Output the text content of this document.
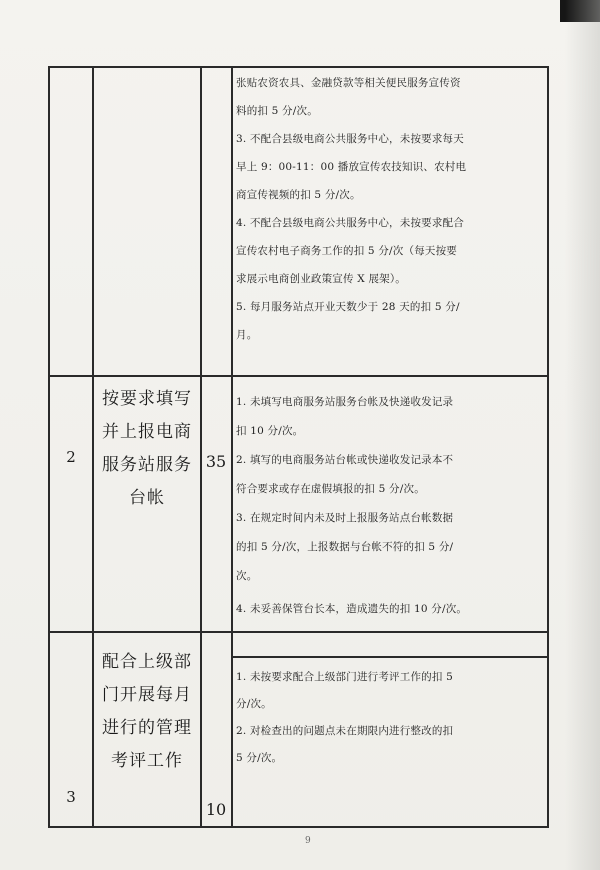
张贴农资农具、金融贷款等相关便民服务宣传资
料的扣 5 分/次。
3. 不配合县级电商公共服务中心，未按要求每天
早上 9：00-11：00 播放宣传农技知识、农村电
商宣传视频的扣 5 分/次。
4. 不配合县级电商公共服务中心，未按要求配合
宣传农村电子商务工作的扣 5 分/次（每天按要
求展示电商创业政策宣传 X 展架）。
5. 每月服务站点开业天数少于 28 天的扣 5 分/
月。
2
按要求填写
并上报电商
服务站服务
台帐
35
1. 未填写电商服务站服务台帐及快递收发记录
扣 10 分/次。
2. 填写的电商服务站台帐或快递收发记录本不
符合要求或存在虚假填报的扣 5 分/次。
3. 在规定时间内未及时上报服务站点台帐数据
的扣 5 分/次，上报数据与台帐不符的扣 5 分/
次。
4. 未妥善保管台长本，造成遗失的扣 10 分/次。
3
配合上级部
门开展每月
进行的管理
考评工作
10
1. 未按要求配合上级部门进行考评工作的扣 5
分/次。
2. 对检查出的问题点未在期限内进行整改的扣
5 分/次。
9
